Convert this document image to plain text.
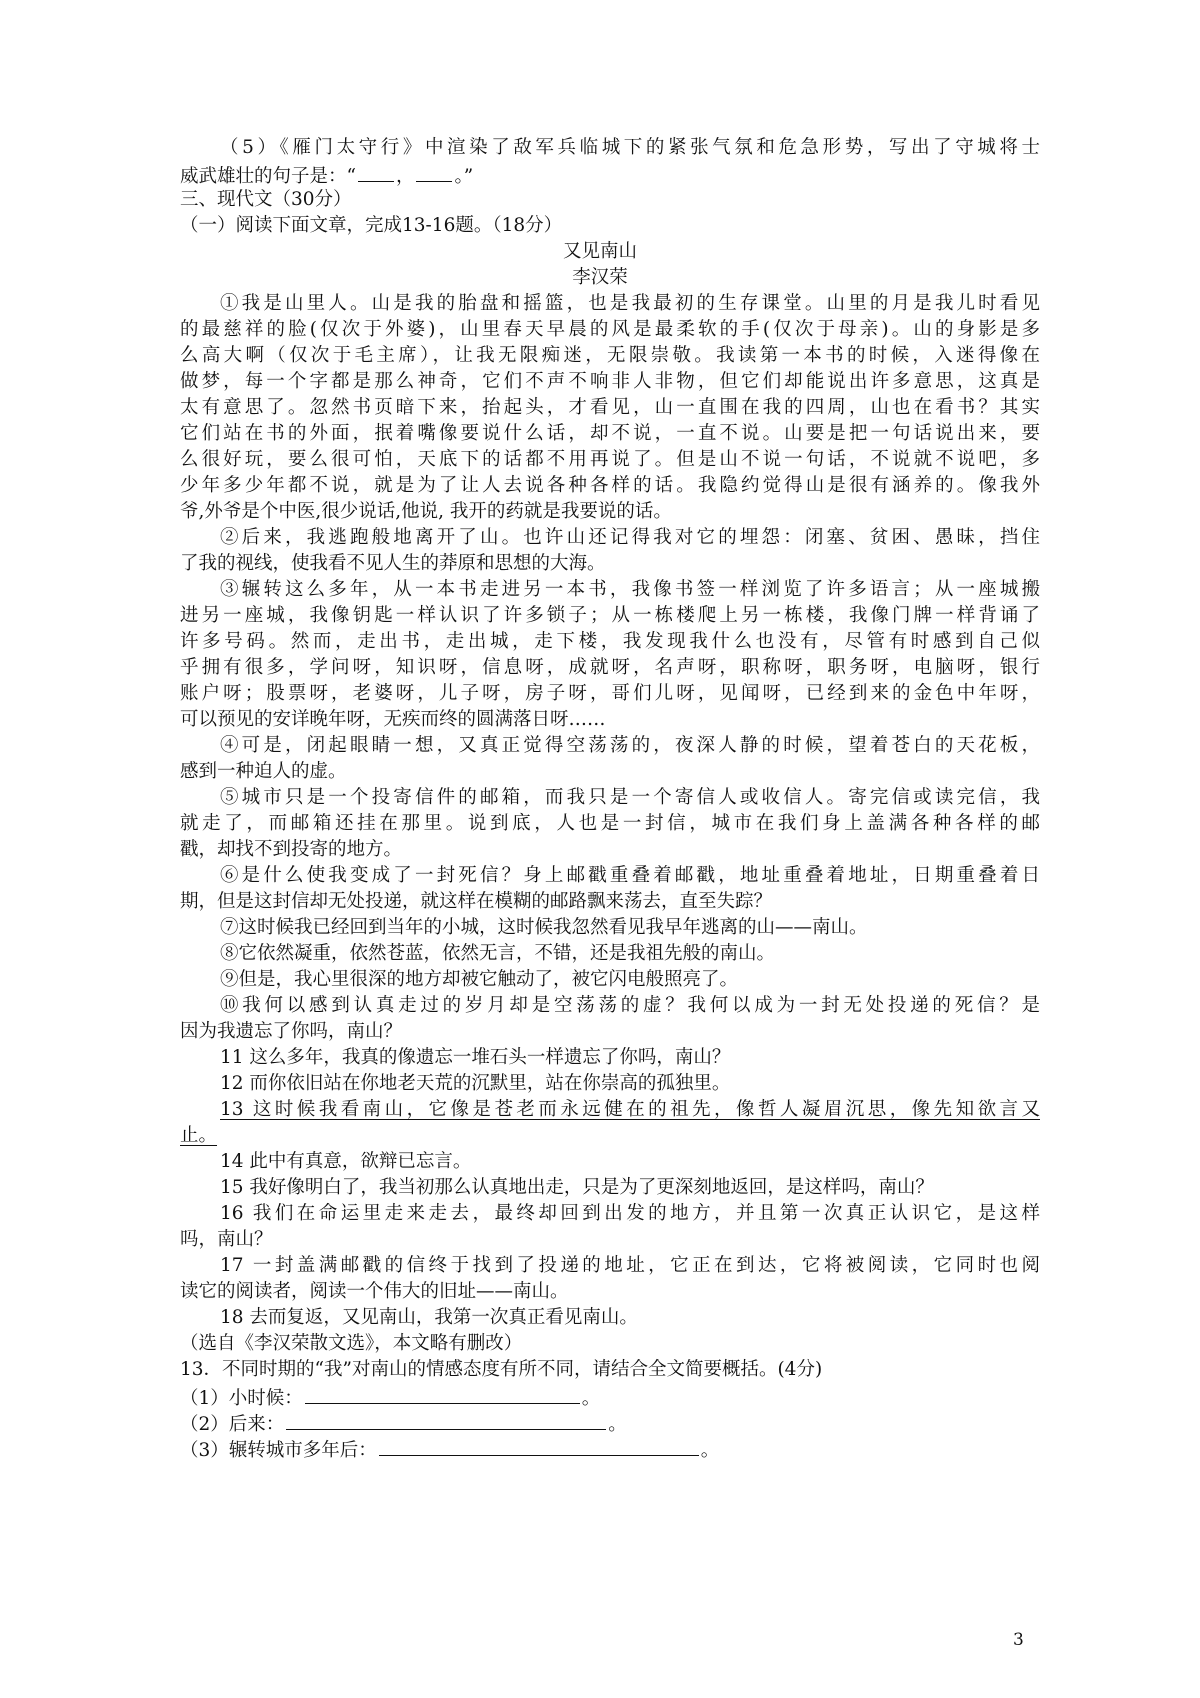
（5）《雁门太守行》中渲染了敌军兵临城下的紧张气氛和危急形势，写出了守城将士
威武雄壮的句子是：“ ， 。”
三、现代文（30分）
（一）阅读下面文章，完成13-16题。（18分）
又见南山
李汉荣
①我是山里人。山是我的胎盘和摇篮，也是我最初的生存课堂。山里的月是我儿时看见
的最慈祥的脸(仅次于外婆)，山里春天早晨的风是最柔软的手(仅次于母亲)。山的身影是多
么高大啊（仅次于毛主席），让我无限痴迷，无限崇敬。我读第一本书的时候，入迷得像在
做梦，每一个字都是那么神奇，它们不声不响非人非物，但它们却能说出许多意思，这真是
太有意思了。忽然书页暗下来，抬起头，才看见，山一直围在我的四周，山也在看书？其实
它们站在书的外面，抿着嘴像要说什么话，却不说，一直不说。山要是把一句话说出来，要
么很好玩，要么很可怕，天底下的话都不用再说了。但是山不说一句话，不说就不说吧，多
少年多少年都不说，就是为了让人去说各种各样的话。我隐约觉得山是很有涵养的。像我外
爷,外爷是个中医,很少说话,他说, 我开的药就是我要说的话。
②后来，我逃跑般地离开了山。也许山还记得我对它的埋怨：闭塞、贫困、愚昧，挡住
了我的视线，使我看不见人生的莽原和思想的大海。
③辗转这么多年，从一本书走进另一本书，我像书签一样浏览了许多语言；从一座城搬
进另一座城，我像钥匙一样认识了许多锁子；从一栋楼爬上另一栋楼，我像门牌一样背诵了
许多号码。然而，走出书，走出城，走下楼，我发现我什么也没有，尽管有时感到自己似
乎拥有很多，学问呀，知识呀，信息呀，成就呀，名声呀，职称呀，职务呀，电脑呀，银行
账户呀；股票呀，老婆呀，儿子呀，房子呀，哥们儿呀，见闻呀，已经到来的金色中年呀，
可以预见的安详晚年呀，无疾而终的圆满落日呀……
④可是，闭起眼睛一想，又真正觉得空荡荡的，夜深人静的时候，望着苍白的天花板，
感到一种迫人的虚。
⑤城市只是一个投寄信件的邮箱，而我只是一个寄信人或收信人。寄完信或读完信，我
就走了，而邮箱还挂在那里。说到底，人也是一封信，城市在我们身上盖满各种各样的邮
戳，却找不到投寄的地方。
⑥是什么使我变成了一封死信？身上邮戳重叠着邮戳，地址重叠着地址，日期重叠着日
期，但是这封信却无处投递，就这样在模糊的邮路飘来荡去，直至失踪？
⑦这时候我已经回到当年的小城，这时候我忽然看见我早年逃离的山——南山。
⑧它依然凝重，依然苍蓝，依然无言，不错，还是我祖先般的南山。
⑨但是，我心里很深的地方却被它触动了，被它闪电般照亮了。
⑩我何以感到认真走过的岁月却是空荡荡的虚？我何以成为一封无处投递的死信？是
因为我遗忘了你吗，南山？
11 这么多年，我真的像遗忘一堆石头一样遗忘了你吗，南山？
12 而你依旧站在你地老天荒的沉默里，站在你崇高的孤独里。
13 这时候我看南山，它像是苍老而永远健在的祖先，像哲人凝眉沉思，像先知欲言又
止。
14 此中有真意，欲辩已忘言。
15 我好像明白了，我当初那么认真地出走，只是为了更深刻地返回，是这样吗，南山？
16 我们在命运里走来走去，最终却回到出发的地方，并且第一次真正认识它，是这样
吗，南山？
17 一封盖满邮戳的信终于找到了投递的地址，它正在到达，它将被阅读，它同时也阅
读它的阅读者，阅读一个伟大的旧址——南山。
18 去而复返，又见南山，我第一次真正看见南山。
（选自《李汉荣散文选》，本文略有删改）
13．不同时期的“我”对南山的情感态度有所不同，请结合全文简要概括。(4分)
（1）小时候：	。
（2）后来：	。
（3）辗转城市多年后：	。
3
